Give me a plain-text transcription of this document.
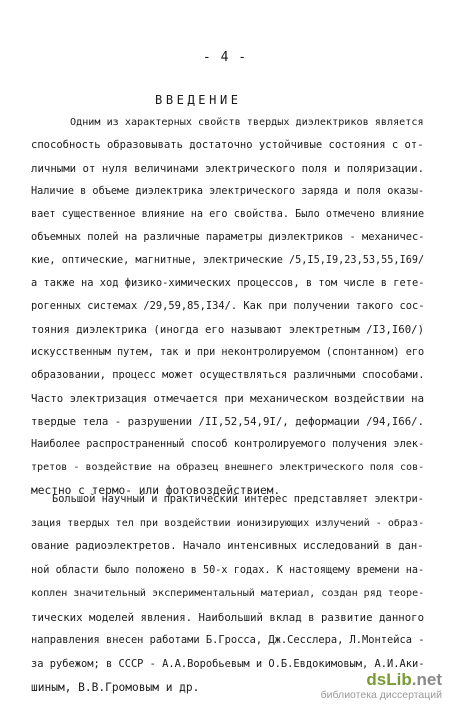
- 4 -
ВВЕДЕНИЕ
Одним из характерных свойств твердых диэлектриков является
способность образовывать достаточно устойчивые состояния с от-
личными от нуля величинами электрического поля и поляризации.
Наличие в объеме диэлектрика электрического заряда и поля оказы-
вает существенное влияние на его свойства. Было отмечено влияние
объемных полей на различные параметры диэлектриков - механичес-
кие, оптические, магнитные, электрические /5,I5,I9,23,53,55,I69/
а также на ход физико-химических процессов, в том числе в гете-
рогенных системах /29,59,85,I34/. Как при получении такого сос-
тояния диэлектрика (иногда его называют электретным /I3,I60/)
искусственным путем, так и при неконтролируемом (спонтанном) его
образовании, процесс может осуществляться различными способами.
Часто электризация отмечается при механическом воздействии на
твердые тела - разрушении /II,52,54,9I/, деформации /94,I66/.
Наиболее распространенный способ контролируемого получения элек-
третов - воздействие на образец внешнего электрического поля сов-
местно с термо- или фотовоздействием.
Большой научный и практический интерес представляет электри-
зация твердых тел при воздействии ионизирующих излучений - образ-
ование радиоэлектретов. Начало интенсивных исследований в дан-
ной области было положено в 50-х годах. К настоящему времени на-
коплен значительный экспериментальный материал, создан ряд теоре-
тических моделей явления. Наибольший вклад в развитие данного
направления внесен работами Б.Гросса, Дж.Сесслера, Л.Монтейса -
за рубежом; в СССР - А.А.Воробьевым и О.Б.Евдокимовым, А.И.Аки-
шиным, В.В.Громовым и др.	dsLib.net
библиотека диссертаций
